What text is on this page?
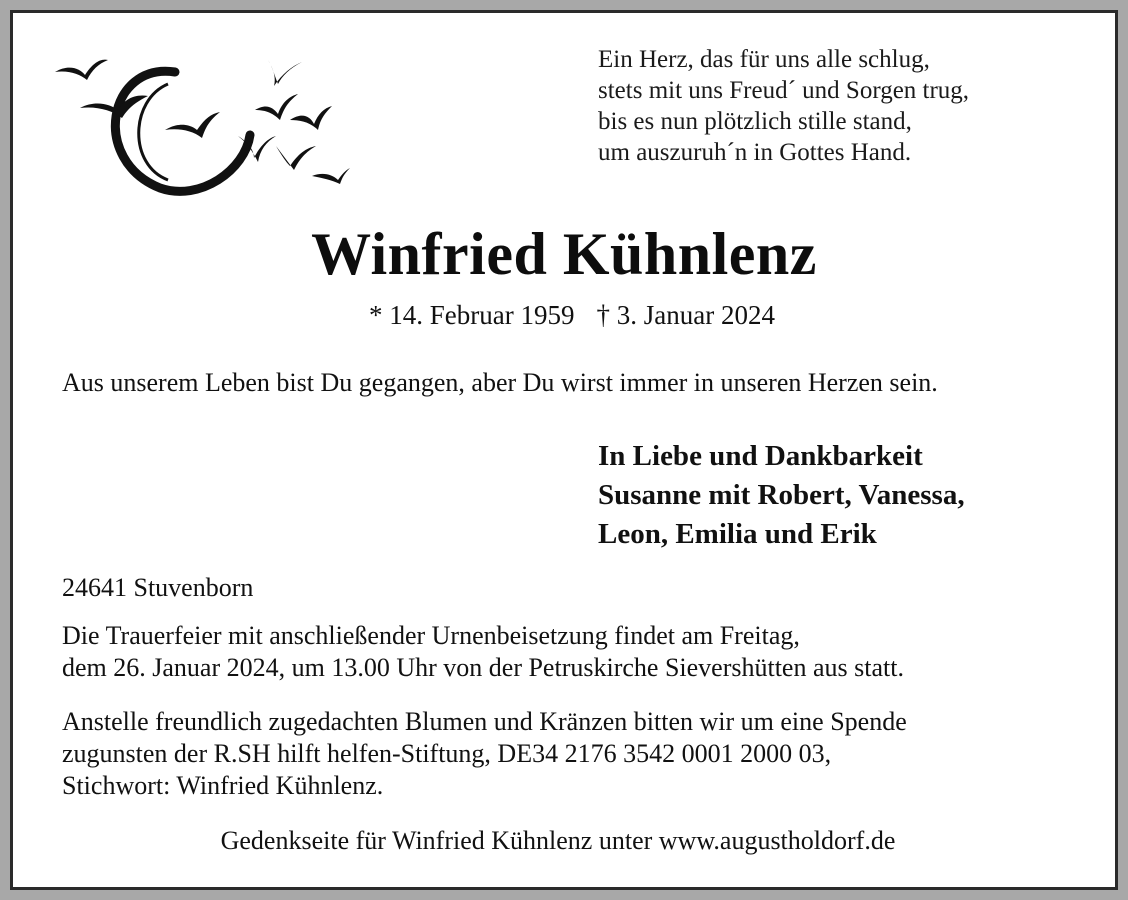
Ein Herz, das für uns alle schlug,
stets mit uns Freud´ und Sorgen trug,
bis es nun plötzlich stille stand,
um auszuruh´n in Gottes Hand.
Winfried Kühnlenz
* 14. Februar 1959 † 3. Januar 2024
Aus unserem Leben bist Du gegangen, aber Du wirst immer in unseren Herzen sein.
In Liebe und Dankbarkeit
Susanne mit Robert, Vanessa,
Leon, Emilia und Erik
24641 Stuvenborn
Die Trauerfeier mit anschließender Urnenbeisetzung findet am Freitag,
dem 26. Januar 2024, um 13.00 Uhr von der Petruskirche Sievershütten aus statt.
Anstelle freundlich zugedachten Blumen und Kränzen bitten wir um eine Spende
zugunsten der R.SH hilft helfen-Stiftung, DE34 2176 3542 0001 2000 03,
Stichwort: Winfried Kühnlenz.
Gedenkseite für Winfried Kühnlenz unter www.augustholdorf.de
